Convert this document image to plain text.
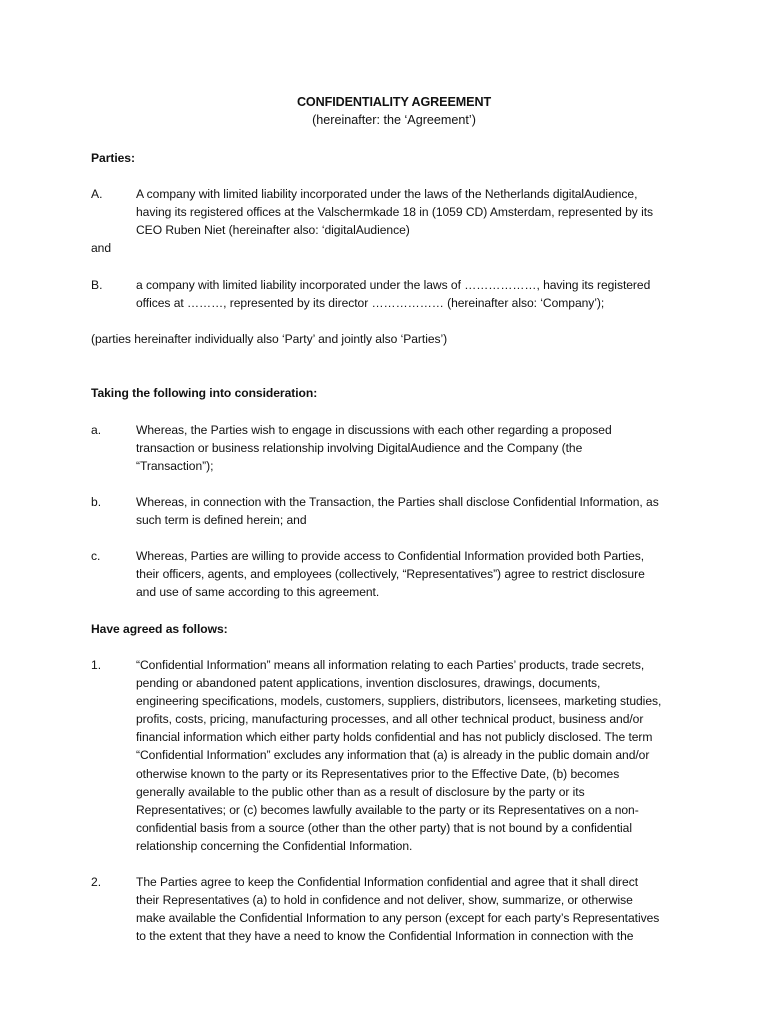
CONFIDENTIALITY AGREEMENT
(hereinafter: the ‘Agreement’)
Parties:
A.	A company with limited liability incorporated under the laws of the Netherlands digitalAudience,
having its registered offices at the Valschermkade 18 in (1059 CD) Amsterdam, represented by its
CEO Ruben Niet (hereinafter also: ‘digitalAudience)
and
B.	a company with limited liability incorporated under the laws of ………………, having its registered
offices at ………, represented by its director ……………… (hereinafter also: ‘Company’);
(parties hereinafter individually also ‘Party’ and jointly also ‘Parties’)
Taking the following into consideration:
a.	Whereas, the Parties wish to engage in discussions with each other regarding a proposed
transaction or business relationship involving DigitalAudience and the Company (the
“Transaction”);
b.	Whereas, in connection with the Transaction, the Parties shall disclose Confidential Information, as
such term is defined herein; and
c.	Whereas, Parties are willing to provide access to Confidential Information provided both Parties,
their officers, agents, and employees (collectively, “Representatives”) agree to restrict disclosure
and use of same according to this agreement.
Have agreed as follows:
1.	“Confidential Information” means all information relating to each Parties’ products, trade secrets,
pending or abandoned patent applications, invention disclosures, drawings, documents,
engineering specifications, models, customers, suppliers, distributors, licensees, marketing studies,
profits, costs, pricing, manufacturing processes, and all other technical product, business and/or
financial information which either party holds confidential and has not publicly disclosed. The term
“Confidential Information” excludes any information that (a) is already in the public domain and/or
otherwise known to the party or its Representatives prior to the Effective Date, (b) becomes
generally available to the public other than as a result of disclosure by the party or its
Representatives; or (c) becomes lawfully available to the party or its Representatives on a non-
confidential basis from a source (other than the other party) that is not bound by a confidential
relationship concerning the Confidential Information.
2.	The Parties agree to keep the Confidential Information confidential and agree that it shall direct
their Representatives (a) to hold in confidence and not deliver, show, summarize, or otherwise
make available the Confidential Information to any person (except for each party’s Representatives
to the extent that they have a need to know the Confidential Information in connection with the
